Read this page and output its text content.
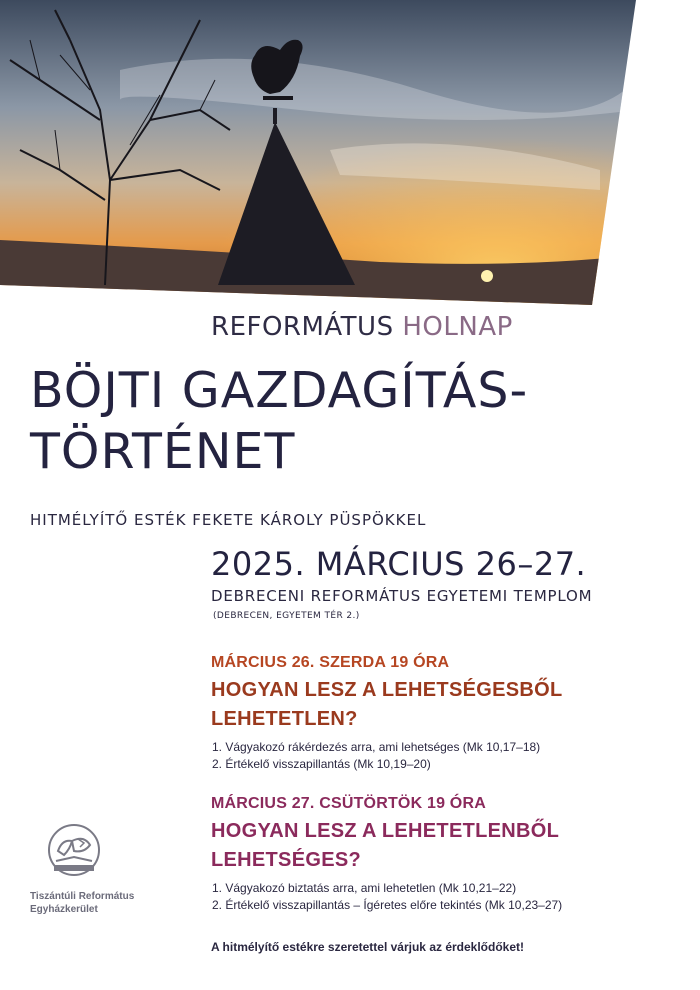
REFORMÁTUS HOLNAP
BÖJTI GAZDAGÍTÁS-
TÖRTÉNET
HITMÉLYÍTŐ ESTÉK FEKETE KÁROLY PÜSPÖKKEL
2025. MÁRCIUS 26–27.
DEBRECENI REFORMÁTUS EGYETEMI TEMPLOM
(DEBRECEN, EGYETEM TÉR 2.)
MÁRCIUS 26. SZERDA 19 ÓRA
HOGYAN LESZ A LEHETSÉGESBŐL
LEHETETLEN?
1. Vágyakozó rákérdezés arra, ami lehetséges (Mk 10,17–18)
2. Értékelő visszapillantás (Mk 10,19–20)
MÁRCIUS 27. CSÜTÖRTÖK 19 ÓRA
HOGYAN LESZ A LEHETETLENBŐL
LEHETSÉGES?
1. Vágyakozó biztatás arra, ami lehetetlen (Mk 10,21–22)
2. Értékelő visszapillantás – Ígéretes előre tekintés (Mk 10,23–27)
Tiszántúli Református
Egyházkerület
A hitmélyítő estékre szeretettel várjuk az érdeklődőket!
